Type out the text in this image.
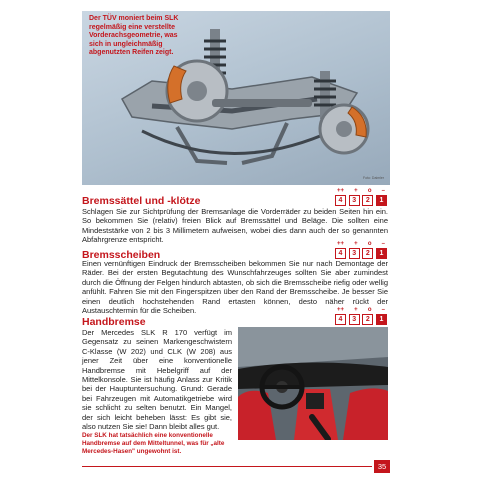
Der TÜV moniert beim SLK regelmäßig eine verstellte Vorderachsgeometrie, was sich in ungleichmäßig abgenutzten Reifen zeigt.
Foto: Daimler
Bremssättel und -klötze
++ + o –
4	3	2	1
Schlagen Sie zur Sichtprüfung der Bremsanlage die Vorderräder zu beiden Seiten hin ein. So bekommen Sie (relativ) freien Blick auf Bremssättel und Beläge. Die sollten eine Mindeststärke von 2 bis 3 Millimetern aufweisen, wobei dies dann auch der so genannten Abfahrgrenze entspricht.
Bremsscheiben
++ + o –
4	3	2	1
Einen vernünftigen Eindruck der Bremsscheiben bekommen Sie nur nach Demontage der Räder. Bei der ersten Begutachtung des Wunschfahrzeuges sollten Sie aber zumindest durch die Öffnung der Felgen hindurch abtasten, ob sich die Bremsscheibe riefig oder wellig anfühlt. Fahren Sie mit den Fingerspitzen über den Rand der Bremsscheibe. Je besser Sie einen deutlich hochstehenden Rand ertasten können, desto näher rückt der Austauschtermin für die Scheiben.
Handbremse
++ + o –
4	3	2	1
Der Mercedes SLK R 170 verfügt im Gegensatz zu seinen Markengeschwistern C-Klasse (W 202) und CLK (W 208) aus jener Zeit über eine konventionelle Handbremse mit Hebelgriff auf der Mittelkonsole. Sie ist häufig Anlass zur Kritik bei der Hauptuntersuchung. Grund: Gerade bei Fahrzeugen mit Automatikgetriebe wird sie schlicht zu selten benutzt. Ein Mangel, der sich leicht beheben lässt: Es gibt sie, also nutzen Sie sie! Dann bleibt alles gut.
Der SLK hat tatsächlich eine konventionelle Handbremse auf dem Mitteltunnel, was für „alte Mercedes-Hasen" ungewohnt ist.
35
